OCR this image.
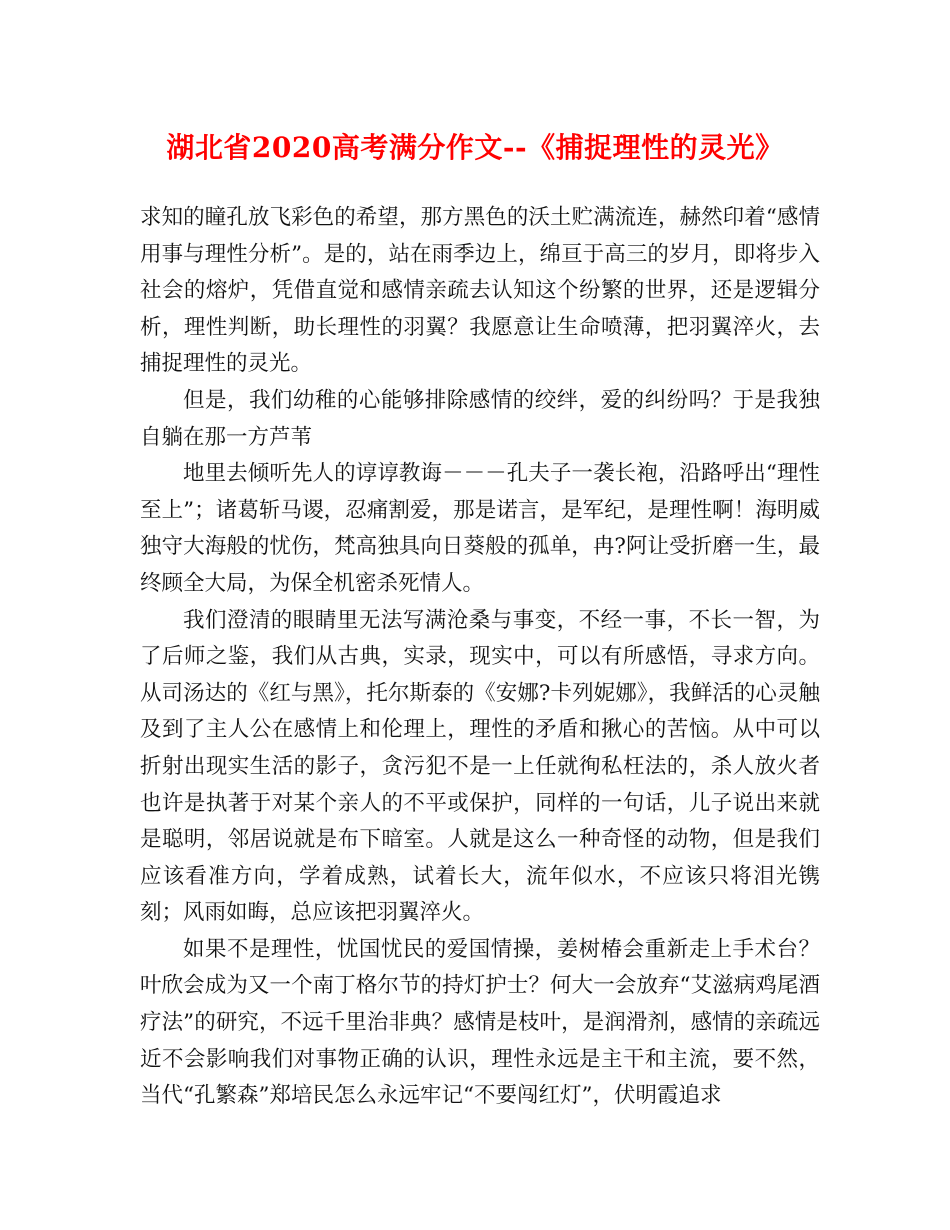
湖北省2020高考满分作文--《捕捉理性的灵光》

求知的瞳孔放飞彩色的希望，那方黑色的沃土贮满流连，赫然印着“感情用事与理性分析”。是的，站在雨季边上，绵亘于高三的岁月，即将步入社会的熔炉，凭借直觉和感情亲疏去认知这个纷繁的世界，还是逻辑分析，理性判断，助长理性的羽翼？我愿意让生命喷薄，把羽翼淬火，去捕捉理性的灵光。

但是，我们幼稚的心能够排除感情的绞绊，爱的纠纷吗？于是我独自躺在那一方芦苇

地里去倾听先人的谆谆教诲－－－孔夫子一袭长袍，沿路呼出“理性至上”；诸葛斩马谡，忍痛割爱，那是诺言，是军纪，是理性啊！海明威独守大海般的忧伤，梵高独具向日葵般的孤单，冉?阿让受折磨一生，最终顾全大局，为保全机密杀死情人。

我们澄清的眼睛里无法写满沧桑与事变，不经一事，不长一智，为了后师之鉴，我们从古典，实录，现实中，可以有所感悟，寻求方向。从司汤达的《红与黑》，托尔斯泰的《安娜?卡列妮娜》，我鲜活的心灵触及到了主人公在感情上和伦理上，理性的矛盾和揪心的苦恼。从中可以折射出现实生活的影子，贪污犯不是一上任就徇私枉法的，杀人放火者也许是执著于对某个亲人的不平或保护，同样的一句话，儿子说出来就是聪明，邻居说就是布下暗室。人就是这么一种奇怪的动物，但是我们应该看准方向，学着成熟，试着长大，流年似水，不应该只将泪光镌刻；风雨如晦，总应该把羽翼淬火。

如果不是理性，忧国忧民的爱国情操，姜树椿会重新走上手术台？叶欣会成为又一个南丁格尔节的持灯护士？何大一会放弃“艾滋病鸡尾酒疗法”的研究，不远千里治非典？感情是枝叶，是润滑剂，感情的亲疏远近不会影响我们对事物正确的认识，理性永远是主干和主流，要不然，当代“孔繁森”郑培民怎么永远牢记“不要闯红灯”，伏明霞追求
